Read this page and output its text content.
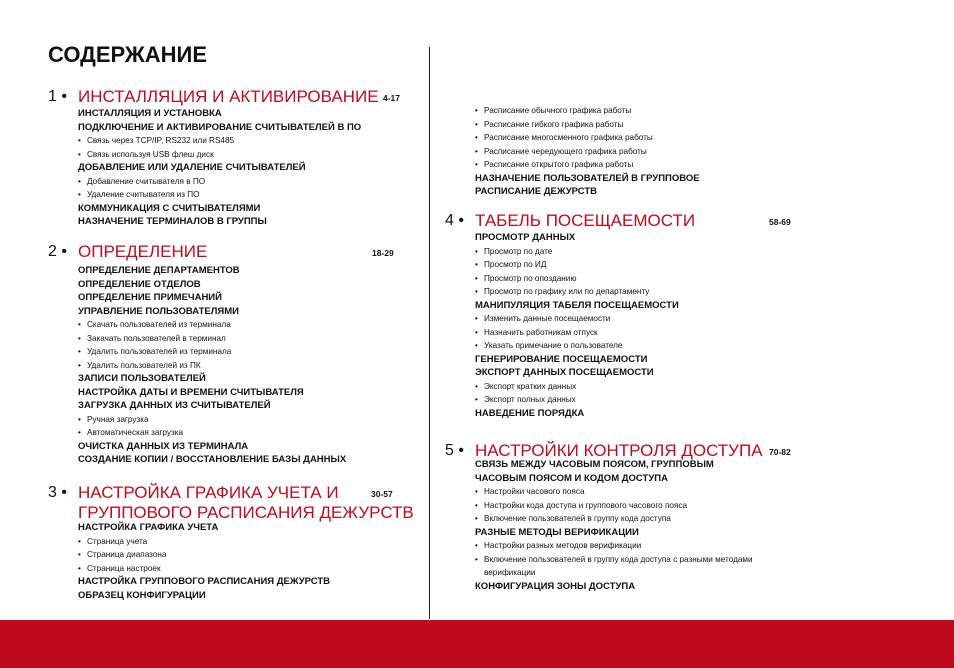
СОДЕРЖАНИЕ
1 • ИНСТАЛЛЯЦИЯ И АКТИВИРОВАНИЕ 4-17
ИНСТАЛЛЯЦИЯ И УСТАНОВКА
ПОДКЛЮЧЕНИЕ И АКТИВИРОВАНИЕ СЧИТЫВАТЕЛЕЙ В ПО
• Связь через TCP/IP, RS232 или RS485
• Связь используя USB флеш диск
ДОБАВЛЕНИЕ ИЛИ УДАЛЕНИЕ СЧИТЫВАТЕЛЕЙ
• Добавление считывателя в ПО
• Удаление считывателя из ПО
КОММУНИКАЦИЯ С СЧИТЫВАТЕЛЯМИ
НАЗНАЧЕНИЕ ТЕРМИНАЛОВ В ГРУППЫ
2 • ОПРЕДЕЛЕНИЕ	18-29
ОПРЕДЕЛЕНИЕ ДЕПАРТАМЕНТОВ
ОПРЕДЕЛЕНИЕ ОТДЕЛОВ
ОПРЕДЕЛЕНИЕ ПРИМЕЧАНИЙ
УПРАВЛЕНИЕ ПОЛЬЗОВАТЕЛЯМИ
• Скачать пользователей из терминала
• Закачать пользователей в терминал
• Удалить пользователей из терминала
• Удалить пользователей из ПК
ЗАПИСИ ПОЛЬЗОВАТЕЛЕЙ
НАСТРОЙКА ДАТЫ И ВРЕМЕНИ СЧИТЫВАТЕЛЯ
ЗАГРУЗКА ДАННЫХ ИЗ СЧИТЫВАТЕЛЕЙ
• Ручная загрузка
• Автоматическая загрузка
ОЧИСТКА ДАННЫХ ИЗ ТЕРМИНАЛА
СОЗДАНИЕ КОПИИ / ВОССТАНОВЛЕНИЕ БАЗЫ ДАННЫХ
3 • НАСТРОЙКА ГРАФИКА УЧЕТА И
ГРУППОВОГО РАСПИСАНИЯ ДЕЖУРСТВ
30-57
НАСТРОЙКА ГРАФИКА УЧЕТА
• Страница учета
• Страница диапазона
• Страница настроек
НАСТРОЙКА ГРУППОВОГО РАСПИСАНИЯ ДЕЖУРСТВ
ОБРАЗЕЦ КОНФИГУРАЦИИ
• Расписание обычного графика работы
• Расписание гибкого графика работы
• Расписание многосменного графика работы
• Расписание чередующего графика работы
• Расписание открытого графика работы
НАЗНАЧЕНИЕ ПОЛЬЗОВАТЕЛЕЙ В ГРУППОВОЕ
РАСПИСАНИЕ ДЕЖУРСТВ
4 • ТАБЕЛЬ ПОСЕЩАЕМОСТИ	58-69
ПРОСМОТР ДАННЫХ
• Просмотр по дате
• Просмотр по ИД
• Просмотр по опозданию
• Просмотр по графику или по департаменту
МАНИПУЛЯЦИЯ ТАБЕЛЯ ПОСЕЩАЕМОСТИ
• Изменить данные посещаемости
• Назначить работникам отпуск
• Указать примечание о пользователе
ГЕНЕРИРОВАНИЕ ПОСЕЩАЕМОСТИ
ЭКСПОРТ ДАННЫХ ПОСЕЩАЕМОСТИ
• Экспорт кратких данных
• Экспорт полных данных
НАВЕДЕНИЕ ПОРЯДКА
5 • НАСТРОЙКИ КОНТРОЛЯ ДОСТУПА 70-82
СВЯЗЬ МЕЖДУ ЧАСОВЫМ ПОЯСОМ, ГРУППОВЫМ
ЧАСОВЫМ ПОЯСОМ И КОДОМ ДОСТУПА
• Настройки часового пояса
• Настройки кода доступа и группового часового пояса
• Включение пользователей в группу кода доступа
РАЗНЫЕ МЕТОДЫ ВЕРИФИКАЦИИ
• Настройки разных методов верификации
• Включение пользователей в группу кода доступа с разными методами
верификации
КОНФИГУРАЦИЯ ЗОНЫ ДОСТУПА
